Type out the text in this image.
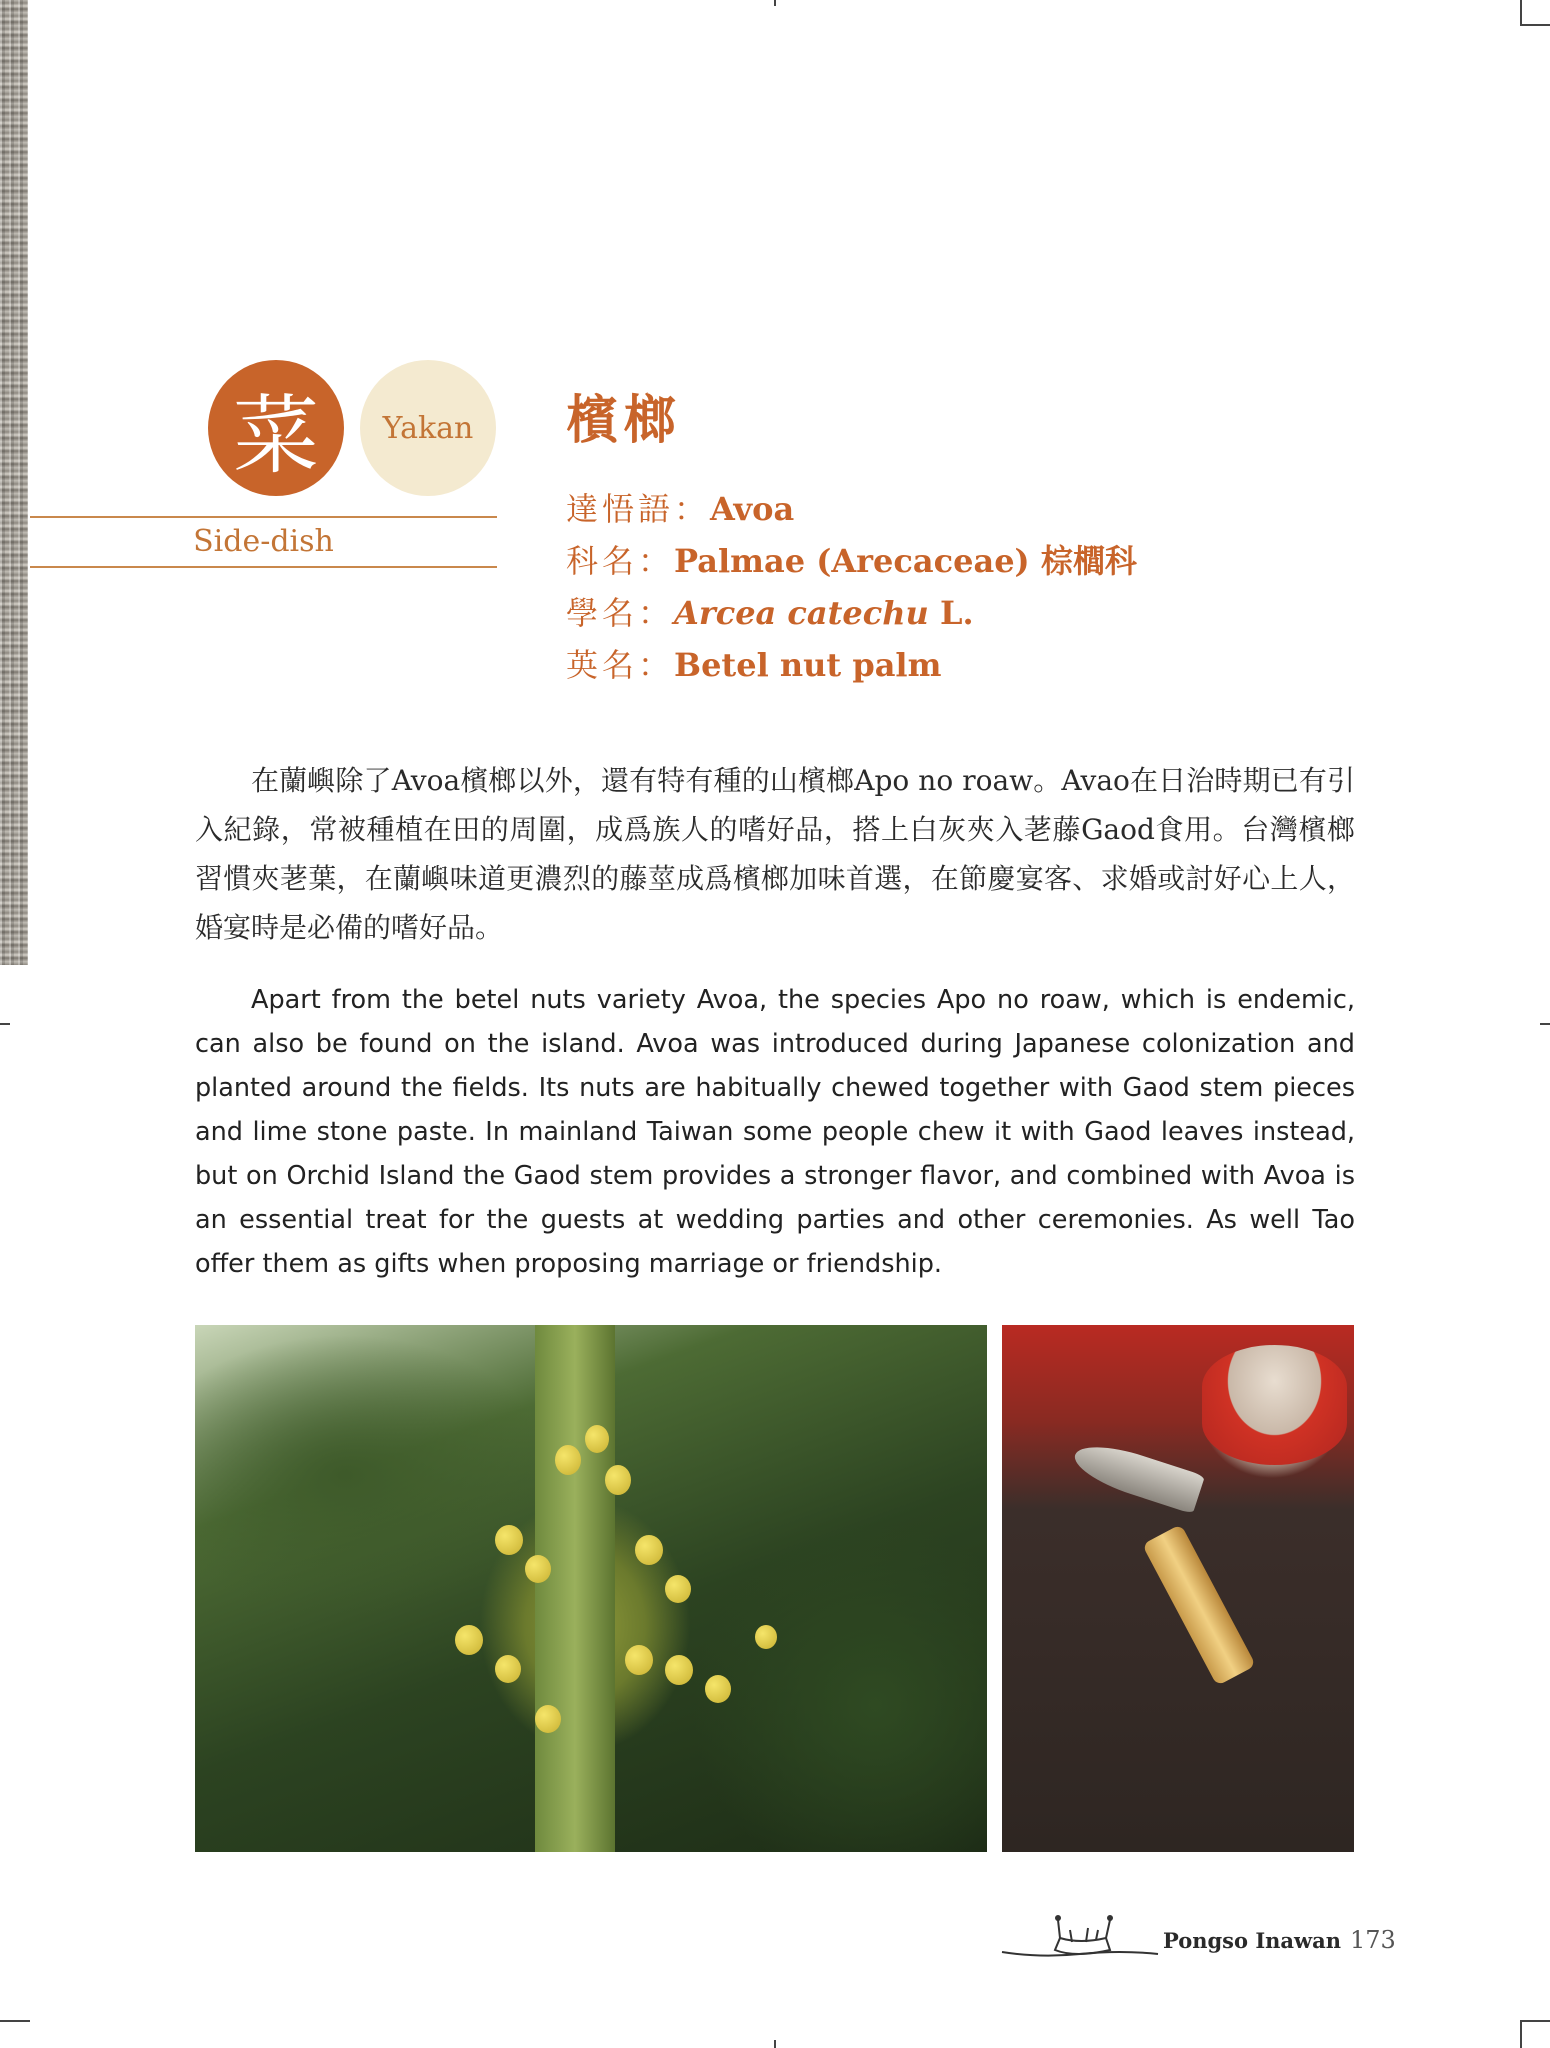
菜 Yakan
Side-dish
檳榔
達悟語：Avoa
科名：Palmae (Arecaceae) 棕櫚科
學名：Arcea catechu L.
英名：Betel nut palm

在蘭嶼除了Avoa檳榔以外，還有特有種的山檳榔Apo no roaw。Avao在日治時期已有引入紀錄，常被種植在田的周圍，成爲族人的嗜好品，搭上白灰夾入荖藤Gaod食用。台灣檳榔習慣夾荖葉，在蘭嶼味道更濃烈的藤莖成爲檳榔加味首選，在節慶宴客、求婚或討好心上人，婚宴時是必備的嗜好品。

Apart from the betel nuts variety Avoa, the species Apo no roaw, which is endemic, can also be found on the island. Avoa was introduced during Japanese colonization and planted around the fields. Its nuts are habitually chewed together with Gaod stem pieces and lime stone paste. In mainland Taiwan some people chew it with Gaod leaves instead, but on Orchid Island the Gaod stem provides a stronger flavor, and combined with Avoa is an essential treat for the guests at wedding parties and other ceremonies. As well Tao offer them as gifts when proposing marriage or friendship.

Pongso Inawan 173
